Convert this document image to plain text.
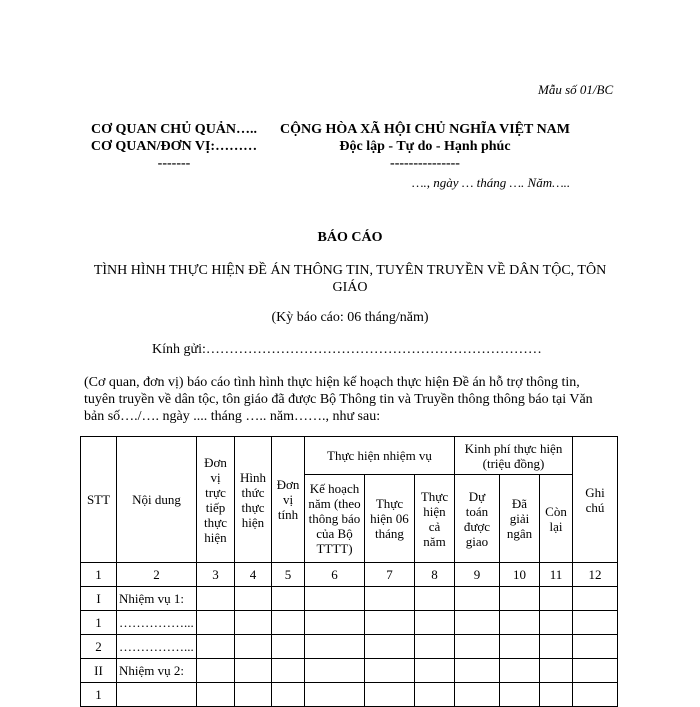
Mẫu số 01/BC
CƠ QUAN CHỦ QUẢN…..
CƠ QUAN/ĐƠN VỊ:………
-------
CỘNG HÒA XÃ HỘI CHỦ NGHĨA VIỆT NAM
Độc lập - Tự do - Hạnh phúc
---------------
…., ngày … tháng …. Năm…..
BÁO CÁO
TÌNH HÌNH THỰC HIỆN ĐỀ ÁN THÔNG TIN, TUYÊN TRUYỀN VỀ DÂN TỘC, TÔN GIÁO
(Kỳ báo cáo: 06 tháng/năm)
Kính gửi:………………………………………………………………
(Cơ quan, đơn vị) báo cáo tình hình thực hiện kế hoạch thực hiện Đề án hỗ trợ thông tin, tuyên truyền về dân tộc, tôn giáo đã được Bộ Thông tin và Truyền thông thông báo tại Văn bản số…./…. ngày .... tháng ….. năm……., như sau:
STT	Nội dung	Đơn vị trực tiếp thực hiện	Hình thức thực hiện	Đơn vị tính	Thực hiện nhiệm vụ			Kinh phí thực hiện (triệu đồng)			Ghi chú
					Kế hoạch năm (theo thông báo của Bộ TTTT)	Thực hiện 06 tháng	Thực hiện cả năm	Dự toán được giao	Đã giải ngân	Còn lại	
1	2	3	4	5	6	7	8	9	10	11	12
I	Nhiệm vụ 1:										
1	……………...										
2	……………...										
II	Nhiệm vụ 2:										
1											
